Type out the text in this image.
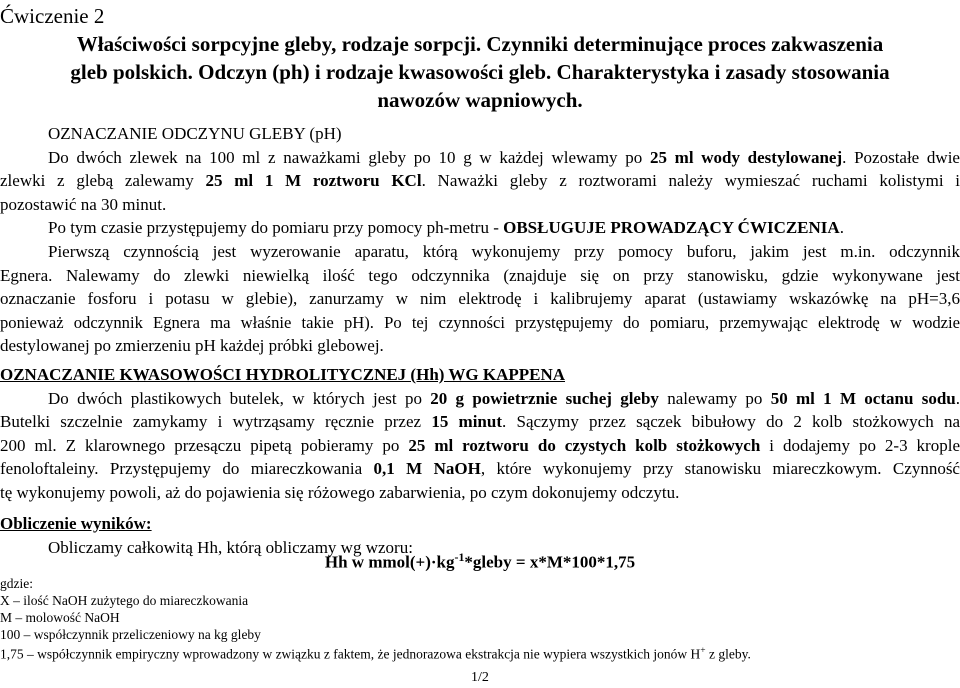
Ćwiczenie 2
Właściwości sorpcyjne gleby, rodzaje sorpcji. Czynniki determinujące proces zakwaszenia
gleb polskich. Odczyn (ph) i rodzaje kwasowości gleb. Charakterystyka i zasady stosowania
nawozów wapniowych.
OZNACZANIE ODCZYNU GLEBY (pH)
Do dwóch zlewek na 100 ml z naważkami gleby po 10 g w każdej wlewamy po 25 ml wody destylowanej. Pozostałe dwie
zlewki z glebą zalewamy 25 ml 1 M roztworu KCl. Naważki gleby z roztworami należy wymieszać ruchami kolistymi i
pozostawić na 30 minut.
Po tym czasie przystępujemy do pomiaru przy pomocy ph-metru - OBSŁUGUJE PROWADZĄCY ĆWICZENIA.
Pierwszą czynnością jest wyzerowanie aparatu, którą wykonujemy przy pomocy buforu, jakim jest m.in. odczynnik
Egnera. Nalewamy do zlewki niewielką ilość tego odczynnika (znajduje się on przy stanowisku, gdzie wykonywane jest
oznaczanie fosforu i potasu w glebie), zanurzamy w nim elektrodę i kalibrujemy aparat (ustawiamy wskazówkę na pH=3,6
ponieważ odczynnik Egnera ma właśnie takie pH). Po tej czynności przystępujemy do pomiaru, przemywając elektrodę w wodzie
destylowanej po zmierzeniu pH każdej próbki glebowej.
OZNACZANIE KWASOWOŚCI HYDROLITYCZNEJ (Hh) WG KAPPENA
Do dwóch plastikowych butelek, w których jest po 20 g powietrznie suchej gleby nalewamy po 50 ml 1 M octanu sodu.
Butelki szczelnie zamykamy i wytrząsamy ręcznie przez 15 minut. Sączymy przez sączek bibułowy do 2 kolb stożkowych na
200 ml. Z klarownego przesączu pipetą pobieramy po 25 ml roztworu do czystych kolb stożkowych i dodajemy po 2-3 krople
fenoloftaleiny. Przystępujemy do miareczkowania 0,1 M NaOH, które wykonujemy przy stanowisku miareczkowym. Czynność
tę wykonujemy powoli, aż do pojawienia się różowego zabarwienia, po czym dokonujemy odczytu.
Obliczenie wyników:
Obliczamy całkowitą Hh, którą obliczamy wg wzoru:
Hh w $mmol(+)\cdot kg^{-1}*gleby = x*M*100*1,75$
gdzie:
X – ilość NaOH zużytego do miareczkowania
M – molowość NaOH
100 – współczynnik przeliczeniowy na kg gleby
1,75 – współczynnik empiryczny wprowadzony w związku z faktem, że jednorazowa ekstrakcja nie wypiera wszystkich jonów H+ z gleby.
1/2
